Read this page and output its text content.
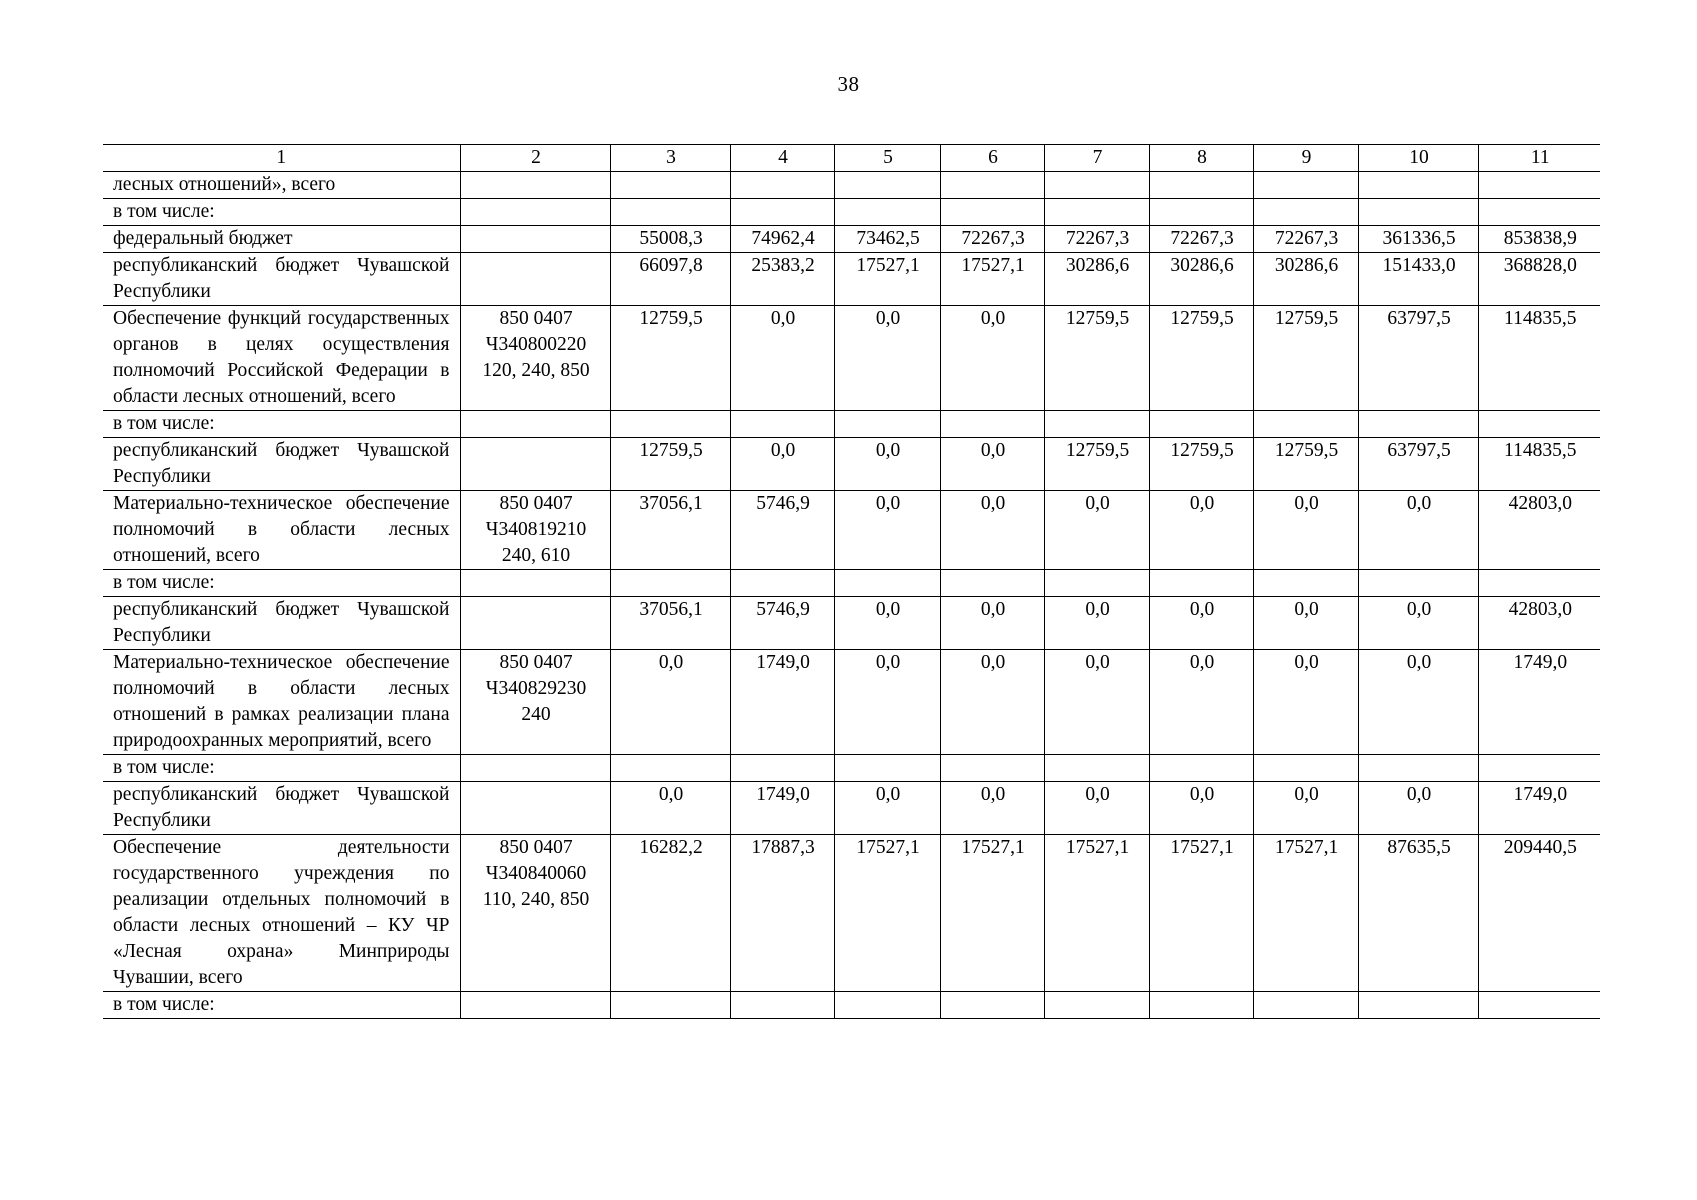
38
1	2	3	4	5	6	7	8	9	10	11
лесных отношений», всего										
в том числе:										
федеральный бюджет		55008,3	74962,4	73462,5	72267,3	72267,3	72267,3	72267,3	361336,5	853838,9
республиканский бюджет Чувашской Республики		66097,8	25383,2	17527,1	17527,1	30286,6	30286,6	30286,6	151433,0	368828,0
Обеспечение функций государственных органов в целях осуществления полномочий Российской Федерации в области лесных отношений, всего	850 0407 Ч340800220 120, 240, 850	12759,5	0,0	0,0	0,0	12759,5	12759,5	12759,5	63797,5	114835,5
в том числе:										
республиканский бюджет Чувашской Республики		12759,5	0,0	0,0	0,0	12759,5	12759,5	12759,5	63797,5	114835,5
Материально-техническое обеспечение полномочий в области лесных отношений, всего	850 0407 Ч340819210 240, 610	37056,1	5746,9	0,0	0,0	0,0	0,0	0,0	0,0	42803,0
в том числе:										
республиканский бюджет Чувашской Республики		37056,1	5746,9	0,0	0,0	0,0	0,0	0,0	0,0	42803,0
Материально-техническое обеспечение полномочий в области лесных отношений в рамках реализации плана природоохранных мероприятий, всего	850 0407 Ч340829230 240	0,0	1749,0	0,0	0,0	0,0	0,0	0,0	0,0	1749,0
в том числе:										
республиканский бюджет Чувашской Республики		0,0	1749,0	0,0	0,0	0,0	0,0	0,0	0,0	1749,0
Обеспечение деятельности государственного учреждения по реализации отдельных полномочий в области лесных отношений – КУ ЧР «Лесная охрана» Минприроды Чувашии, всего	850 0407 Ч340840060 110, 240, 850	16282,2	17887,3	17527,1	17527,1	17527,1	17527,1	17527,1	87635,5	209440,5
в том числе:										
